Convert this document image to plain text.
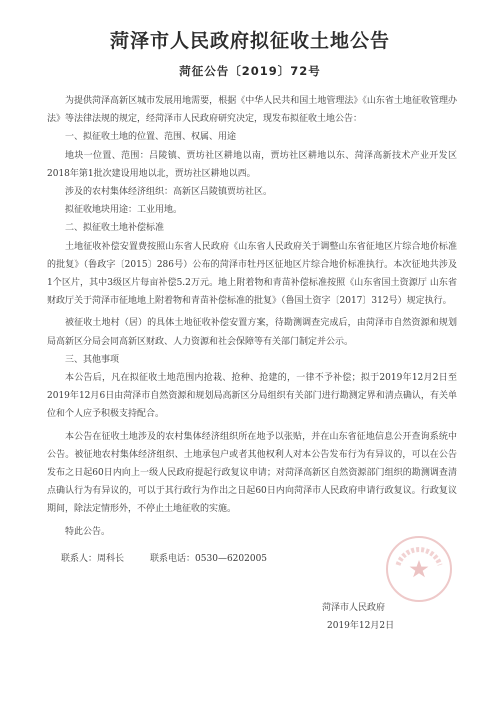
菏泽市人民政府拟征收土地公告
菏征公告〔2019〕72号

为提供菏泽高新区城市发展用地需要，根据《中华人民共和国土地管理法》《山东省土地征收管理办法》等法律法规的规定，经菏泽市人民政府研究决定，现发布拟征收土地公告：

一、拟征收土地的位置、范围、权属、用途

地块一位置、范围：吕陵镇、贾坊社区耕地以南，贾坊社区耕地以东、菏泽高新技术产业开发区2018年第1批次建设用地以北，贾坊社区耕地以西。

涉及的农村集体经济组织：高新区吕陵镇贾坊社区。

拟征收地块用途：工业用地。

二、拟征收土地补偿标准

土地征收补偿安置费按照山东省人民政府《山东省人民政府关于调整山东省征地区片综合地价标准的批复》（鲁政字〔2015〕286号）公布的菏泽市牡丹区征地区片综合地价标准执行。本次征地共涉及1个区片，其中3级区片每亩补偿5.2万元。地上附着物和青苗补偿标准按照《山东省国土资源厅 山东省财政厅关于菏泽市征地地上附着物和青苗补偿标准的批复》（鲁国土资字〔2017〕312号）规定执行。

被征收土地村（居）的具体土地征收补偿安置方案，待勘测调查完成后，由菏泽市自然资源和规划局高新区分局会同高新区财政、人力资源和社会保障等有关部门制定并公示。

三、其他事项

本公告后，凡在拟征收土地范围内抢栽、抢种、抢建的，一律不予补偿；拟于2019年12月2日至2019年12月6日由菏泽市自然资源和规划局高新区分局组织有关部门进行勘测定界和清点确认，有关单位和个人应予积极支持配合。

本公告在征收土地涉及的农村集体经济组织所在地予以张贴，并在山东省征地信息公开查询系统中公告。被征地农村集体经济组织、土地承包户或者其他权利人对本公告发布行为有异议的，可以在公告发布之日起60日内向上一级人民政府提起行政复议申请；对菏泽高新区自然资源部门组织的勘测调查清点确认行为有异议的，可以于其行政行为作出之日起60日内向菏泽市人民政府申请行政复议。行政复议期间，除法定情形外，不停止土地征收的实施。

特此公告。

联系人：周科长	联系电话：0530—6202005
菏泽市人民政府
2019年12月2日
